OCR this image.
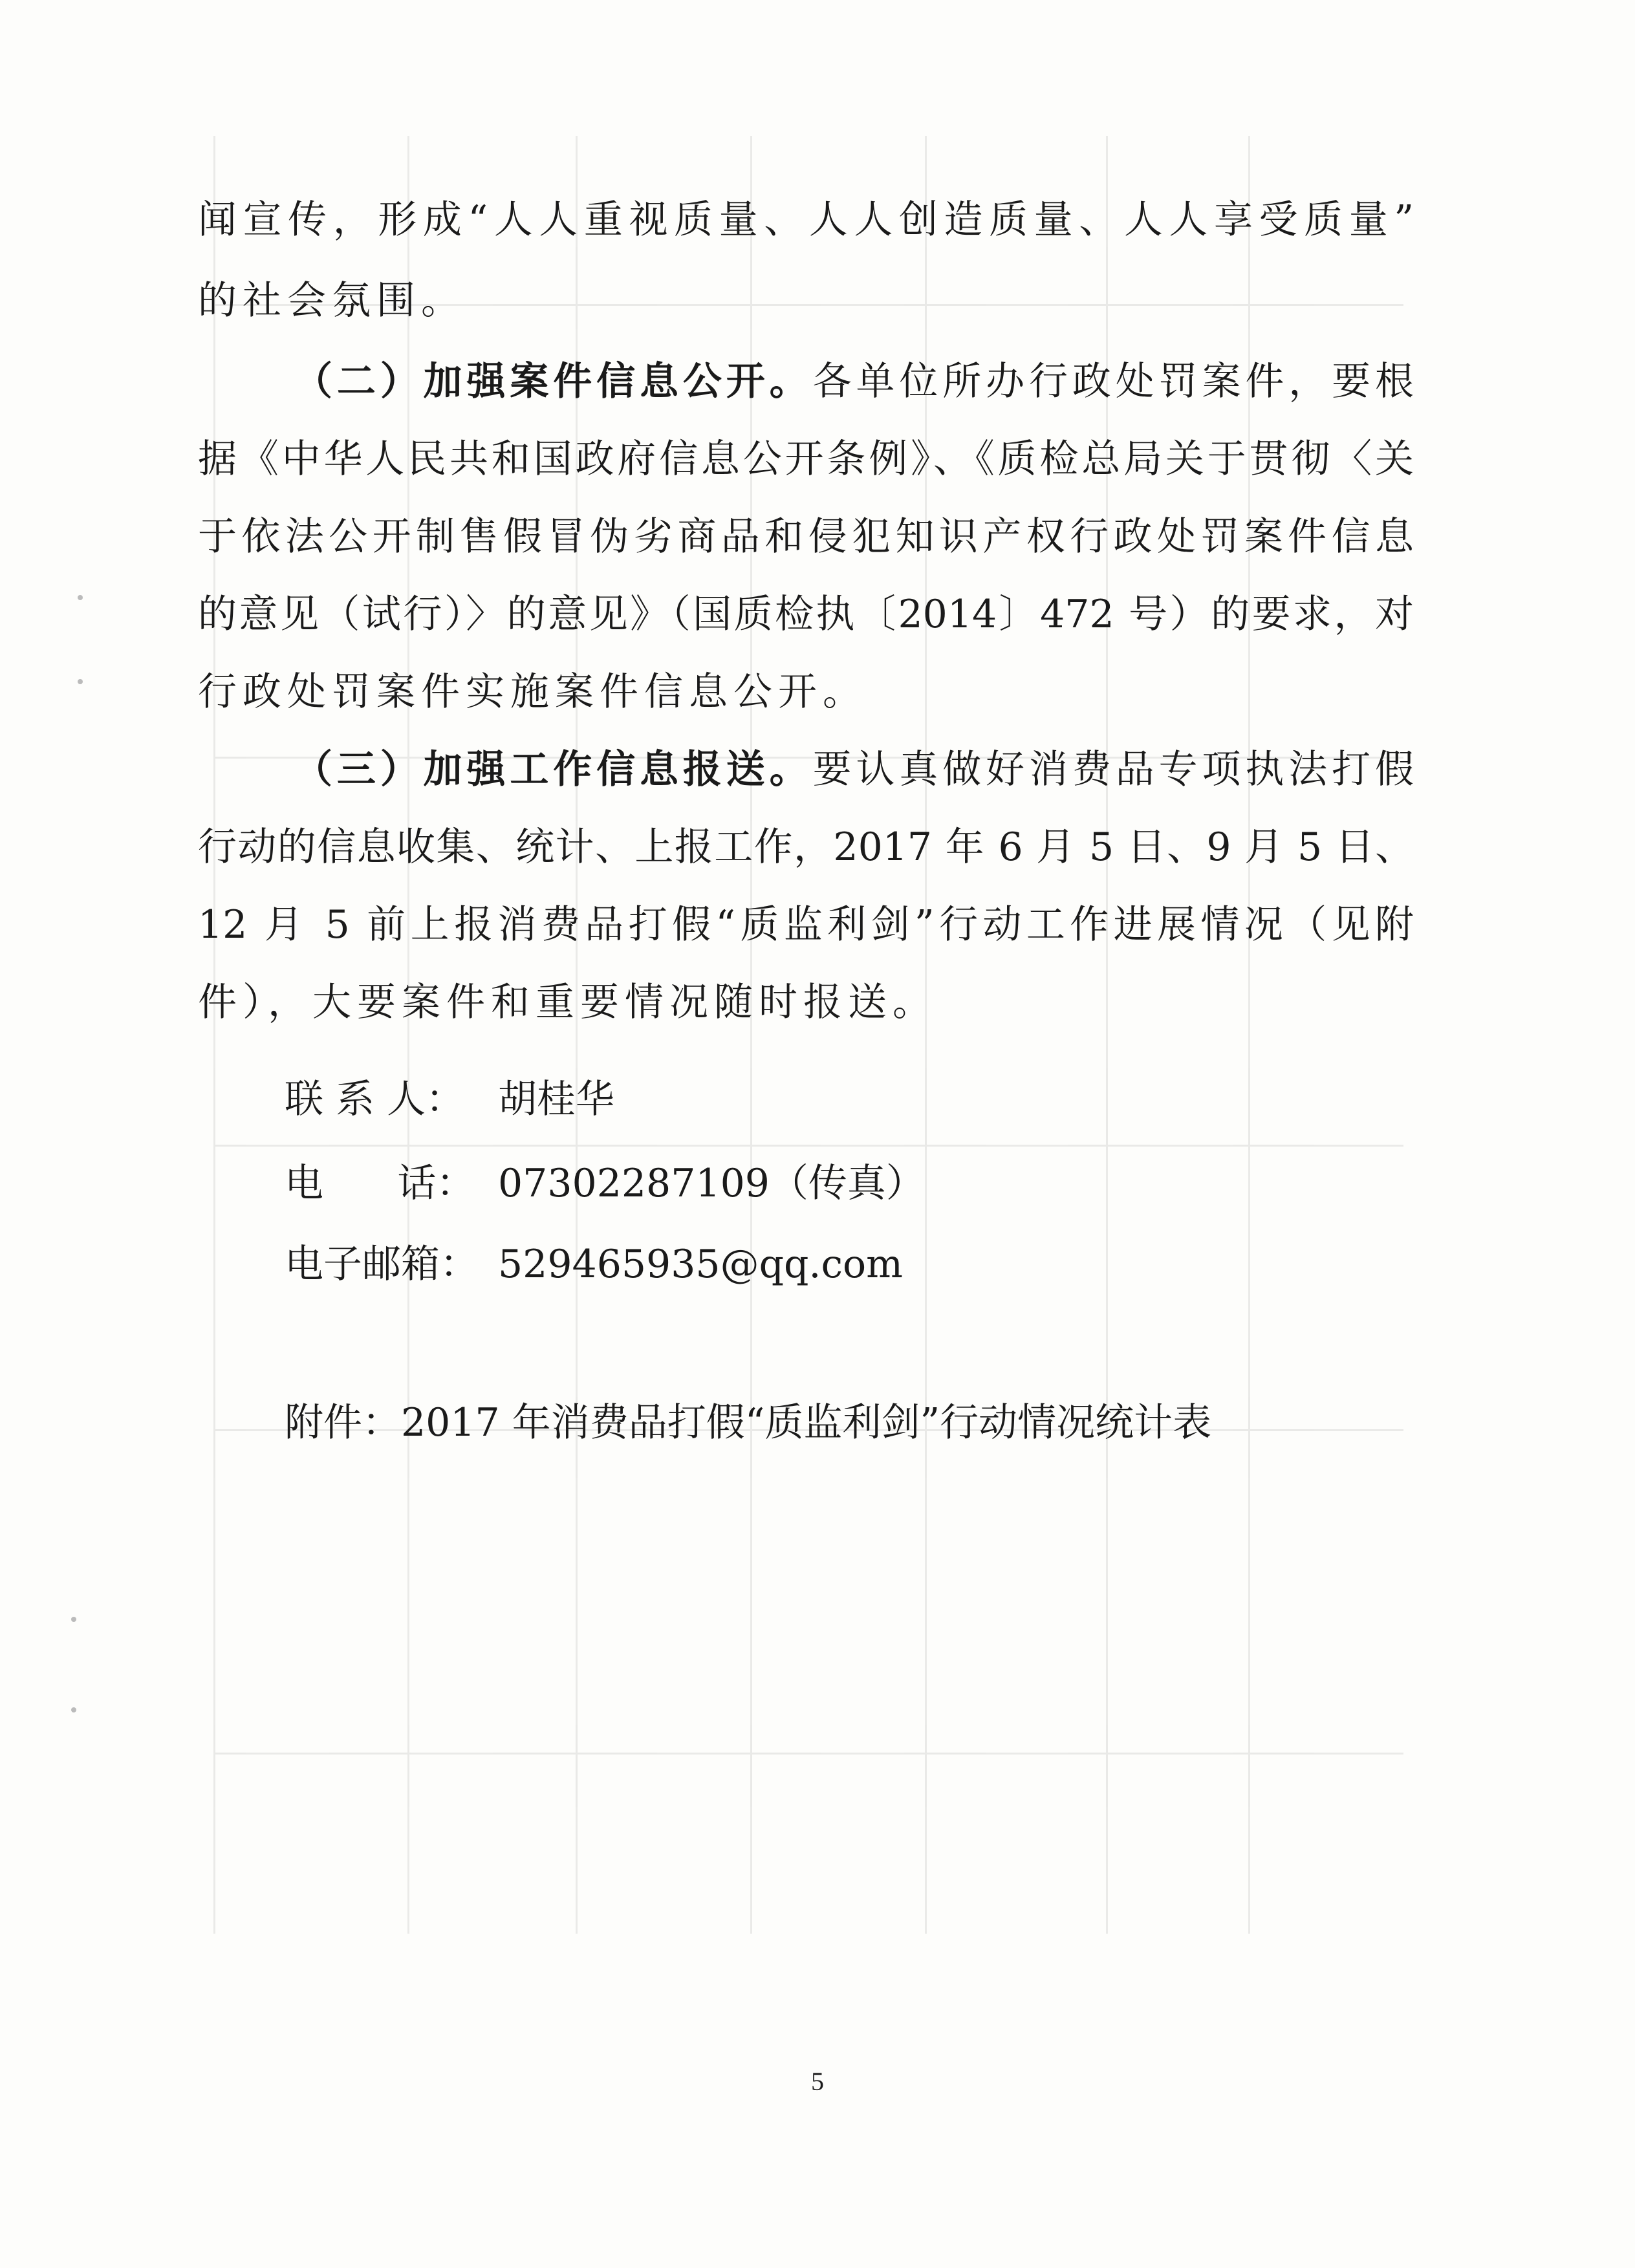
闻宣传，形成“人人重视质量、人人创造质量、人人享受质量”
的社会氛围。
（二）加强案件信息公开。各单位所办行政处罚案件，要根
据《中华人民共和国政府信息公开条例》、《质检总局关于贯彻〈关
于依法公开制售假冒伪劣商品和侵犯知识产权行政处罚案件信息
的意见（试行）〉的意见》（国质检执〔2014〕472 号）的要求，对
行政处罚案件实施案件信息公开。
（三）加强工作信息报送。要认真做好消费品专项执法打假
行动的信息收集、统计、上报工作，2017 年 6 月 5 日、9 月 5 日、
12 月 5 前上报消费品打假“质监利剑”行动工作进展情况（见附
件），大要案件和重要情况随时报送。
联 系 人： 胡桂华
电      话： 07302287109（传真）
电子邮箱： 529465935@qq.com
附件：2017 年消费品打假“质监利剑”行动情况统计表
5
